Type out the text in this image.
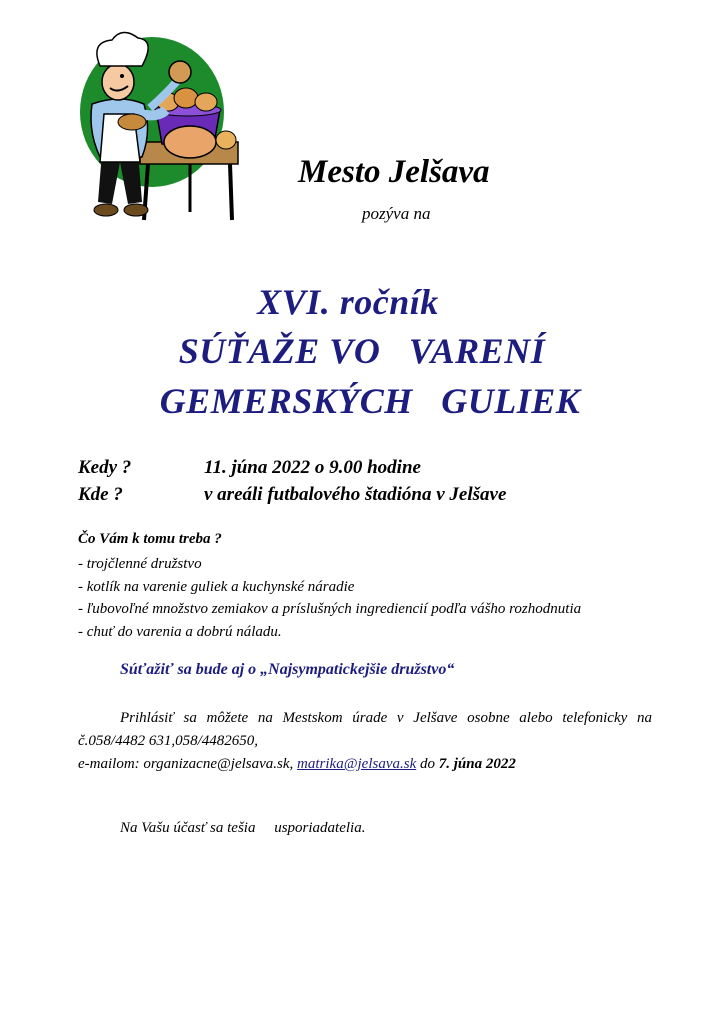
Mesto Jelšava
pozýva na
XVI. ročník
SÚŤAŽE VO   VARENÍ
GEMERSKÝCH   GULIEK
Kedy ?	11. júna 2022 o 9.00 hodine
Kde ?	v areáli futbalového štadióna v Jelšave
Čo Vám k tomu treba ?
- trojčlenné družstvo
- kotlík na varenie guliek a kuchynské náradie
- ľubovoľné množstvo zemiakov a príslušných ingrediencií podľa vášho rozhodnutia
- chuť do varenia a dobrú náladu.
Súťažiť sa bude aj o „Najsympatickejšie družstvo“
Prihlásiť sa môžete na Mestskom úrade v Jelšave osobne alebo telefonicky na
č.058/4482 631,058/4482650,
e-mailom: organizacne@jelsava.sk, matrika@jelsava.sk do 7. júna 2022
Na Vašu účasť sa tešia     usporiadatelia.
